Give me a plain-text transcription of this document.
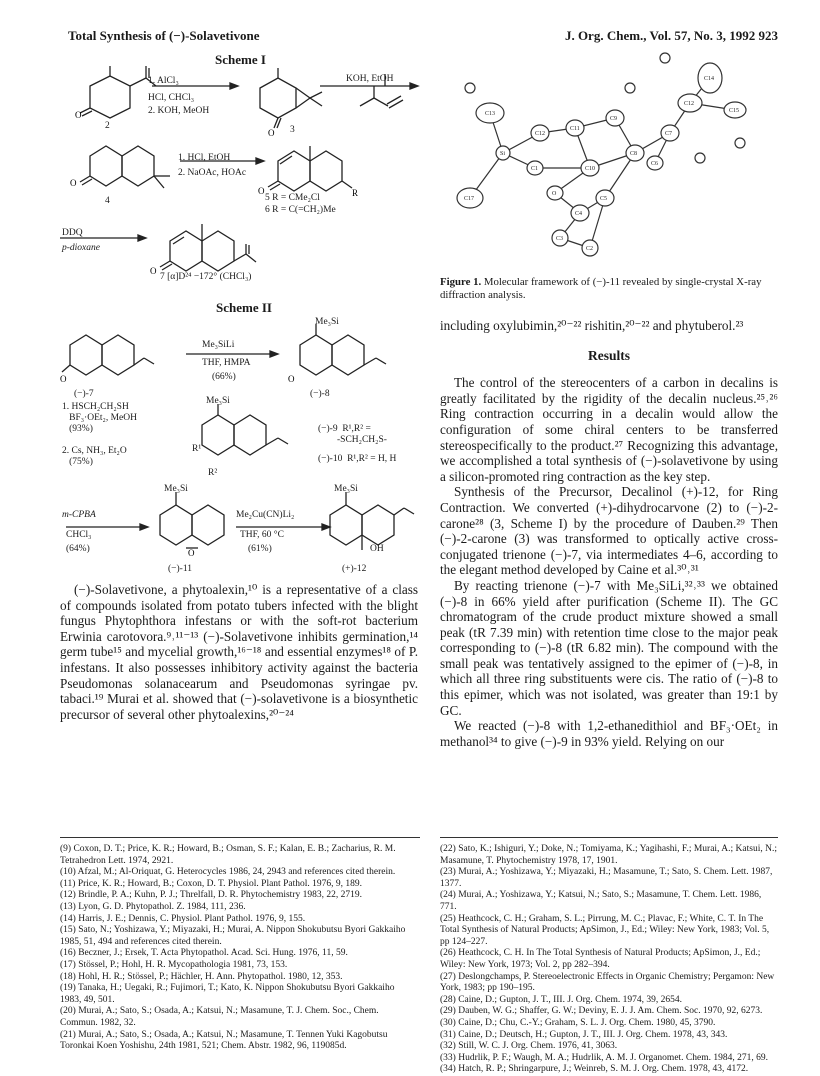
Total Synthesis of (−)-Solavetivone	J. Org. Chem., Vol. 57, No. 3, 1992 923
Scheme I
O
O
O
O	R
O
1. AlCl₃
HCl, CHCl₃
2. KOH, MeOH
KOH, EtOH
2	3
4
1. HCl, EtOH
2. NaOAc, HOAc
5 R = CMe₂Cl
6 R = C(=CH₂)Me
DDQ
p-dioxane
7 [α]D²⁴ −172° (CHCl₃)
Scheme II
O	O
O
Me₃SiLi
THF, HMPA
(66%)
(−)-7	(−)-8
Me₃Si
1. HSCH₂CH₂SH
BF₃·OEt₂, MeOH
(93%)

2. Cs, NH₃, Et₂O
(75%)
Me₃Si
R¹
R²
(−)-9  R¹,R² =
-SCH₂CH₂S-
(−)-10  R¹,R² = H, H
Me₃Si	Me₃Si
m-CPBA
CHCl₃
(64%)
Me₂Cu(CN)Li₂
THF, 60 °C
(61%)
(−)-11	(+)-12
OH

(−)-Solavetivone, a phytoalexin,¹⁰ is a representative of a class of compounds isolated from potato tubers infected with the blight fungus Phytophthora infestans or with the soft-rot bacterium Erwinia carotovora.⁹˒¹¹⁻¹³ (−)-Solavetivone inhibits germination,¹⁴ germ tube¹⁵ and mycelial growth,¹⁶⁻¹⁸ and essential enzymes¹⁸ of P. infestans. It also possesses inhibitory activity against the bacteria Pseudomonas solanacearum and Pseudomonas syringae pv. tabaci.¹⁹ Murai et al. showed that (−)-solavetivone is a biosynthetic precursor of several other phytoalexins,²⁰⁻²⁴

C13
C17
Si
C12
C11
C9
C10
C8
C7
C12
C14
C15
C6
C1
O
C4
C5
C3
C2
Figure 1. Molecular framework of (−)-11 revealed by single-crystal X-ray diffraction analysis.
including oxylubimin,²⁰⁻²² rishitin,²⁰⁻²² and phytuberol.²³
Results

The control of the stereocenters of a carbon in decalins is greatly facilitated by the rigidity of the decalin nucleus.²⁵˒²⁶ Ring contraction occurring in a decalin would allow the configuration of some chiral centers to be transferred stereospecifically to the product.²⁷ Recognizing this advantage, we accomplished a total synthesis of (−)-solavetivone by using a silicon-promoted ring contraction as the key step.

Synthesis of the Precursor, Decalinol (+)-12, for Ring Contraction. We converted (+)-dihydrocarvone (2) to (−)-2-carone²⁸ (3, Scheme I) by the procedure of Dauben.²⁹ Then (−)-2-carone (3) was transformed to optically active cross-conjugated trienone (−)-7, via intermediates 4–6, according to the elegant method developed by Caine et al.³⁰˒³¹

By reacting trienone (−)-7 with Me₃SiLi,³²˒³³ we obtained (−)-8 in 66% yield after purification (Scheme II). The GC chromatogram of the crude product mixture showed a small peak (tR 7.39 min) with retention time close to the major peak corresponding to (−)-8 (tR 6.82 min). The compound with the small peak was tentatively assigned to the epimer of (−)-8, in which all three ring substituents were cis. The ratio of (−)-8 to this epimer, which was not isolated, was greater than 19:1 by GC.

We reacted (−)-8 with 1,2-ethanedithiol and BF₃·OEt₂ in methanol³⁴ to give (−)-9 in 93% yield. Relying on our

(9) Coxon, D. T.; Price, K. R.; Howard, B.; Osman, S. F.; Kalan, E. B.; Zacharius, R. M. Tetrahedron Lett. 1974, 2921.
(10) Afzal, M.; Al-Oriquat, G. Heterocycles 1986, 24, 2943 and references cited therein.
(11) Price, K. R.; Howard, B.; Coxon, D. T. Physiol. Plant Pathol. 1976, 9, 189.
(12) Brindle, P. A.; Kuhn, P. J.; Threlfall, D. R. Phytochemistry 1983, 22, 2719.
(13) Lyon, G. D. Phytopathol. Z. 1984, 111, 236.
(14) Harris, J. E.; Dennis, C. Physiol. Plant Pathol. 1976, 9, 155.
(15) Sato, N.; Yoshizawa, Y.; Miyazaki, H.; Murai, A. Nippon Shokubutsu Byori Gakkaiho 1985, 51, 494 and references cited therein.
(16) Beczner, J.; Ersek, T. Acta Phytopathol. Acad. Sci. Hung. 1976, 11, 59.
(17) Stössel, P.; Hohl, H. R. Mycopathologia 1981, 73, 153.
(18) Hohl, H. R.; Stössel, P.; Hächler, H. Ann. Phytopathol. 1980, 12, 353.
(19) Tanaka, H.; Uegaki, R.; Fujimori, T.; Kato, K. Nippon Shokubutsu Byori Gakkaiho 1983, 49, 501.
(20) Murai, A.; Sato, S.; Osada, A.; Katsui, N.; Masamune, T. J. Chem. Soc., Chem. Commun. 1982, 32.
(21) Murai, A.; Sato, S.; Osada, A.; Katsui, N.; Masamune, T. Tennen Yuki Kagobutsu Toronkai Koen Yoshishu, 24th 1981, 521; Chem. Abstr. 1982, 96, 119085d.
(22) Sato, K.; Ishiguri, Y.; Doke, N.; Tomiyama, K.; Yagihashi, F.; Murai, A.; Katsui, N.; Masamune, T. Phytochemistry 1978, 17, 1901.
(23) Murai, A.; Yoshizawa, Y.; Miyazaki, H.; Masamune, T.; Sato, S. Chem. Lett. 1987, 1377.
(24) Murai, A.; Yoshizawa, Y.; Katsui, N.; Sato, S.; Masamune, T. Chem. Lett. 1986, 771.
(25) Heathcock, C. H.; Graham, S. L.; Pirrung, M. C.; Plavac, F.; White, C. T. In The Total Synthesis of Natural Products; ApSimon, J., Ed.; Wiley: New York, 1983; Vol. 5, pp 124–227.
(26) Heathcock, C. H. In The Total Synthesis of Natural Products; ApSimon, J., Ed.; Wiley: New York, 1973; Vol. 2, pp 282–394.
(27) Deslongchamps, P. Stereoelectronic Effects in Organic Chemistry; Pergamon: New York, 1983; pp 190–195.
(28) Caine, D.; Gupton, J. T., III. J. Org. Chem. 1974, 39, 2654.
(29) Dauben, W. G.; Shaffer, G. W.; Deviny, E. J. J. Am. Chem. Soc. 1970, 92, 6273.
(30) Caine, D.; Chu, C.-Y.; Graham, S. L. J. Org. Chem. 1980, 45, 3790.
(31) Caine, D.; Deutsch, H.; Gupton, J. T., III. J. Org. Chem. 1978, 43, 343.
(32) Still, W. C. J. Org. Chem. 1976, 41, 3063.
(33) Hudrlik, P. F.; Waugh, M. A.; Hudrlik, A. M. J. Organomet. Chem. 1984, 271, 69.
(34) Hatch, R. P.; Shringarpure, J.; Weinreb, S. M. J. Org. Chem. 1978, 43, 4172.
